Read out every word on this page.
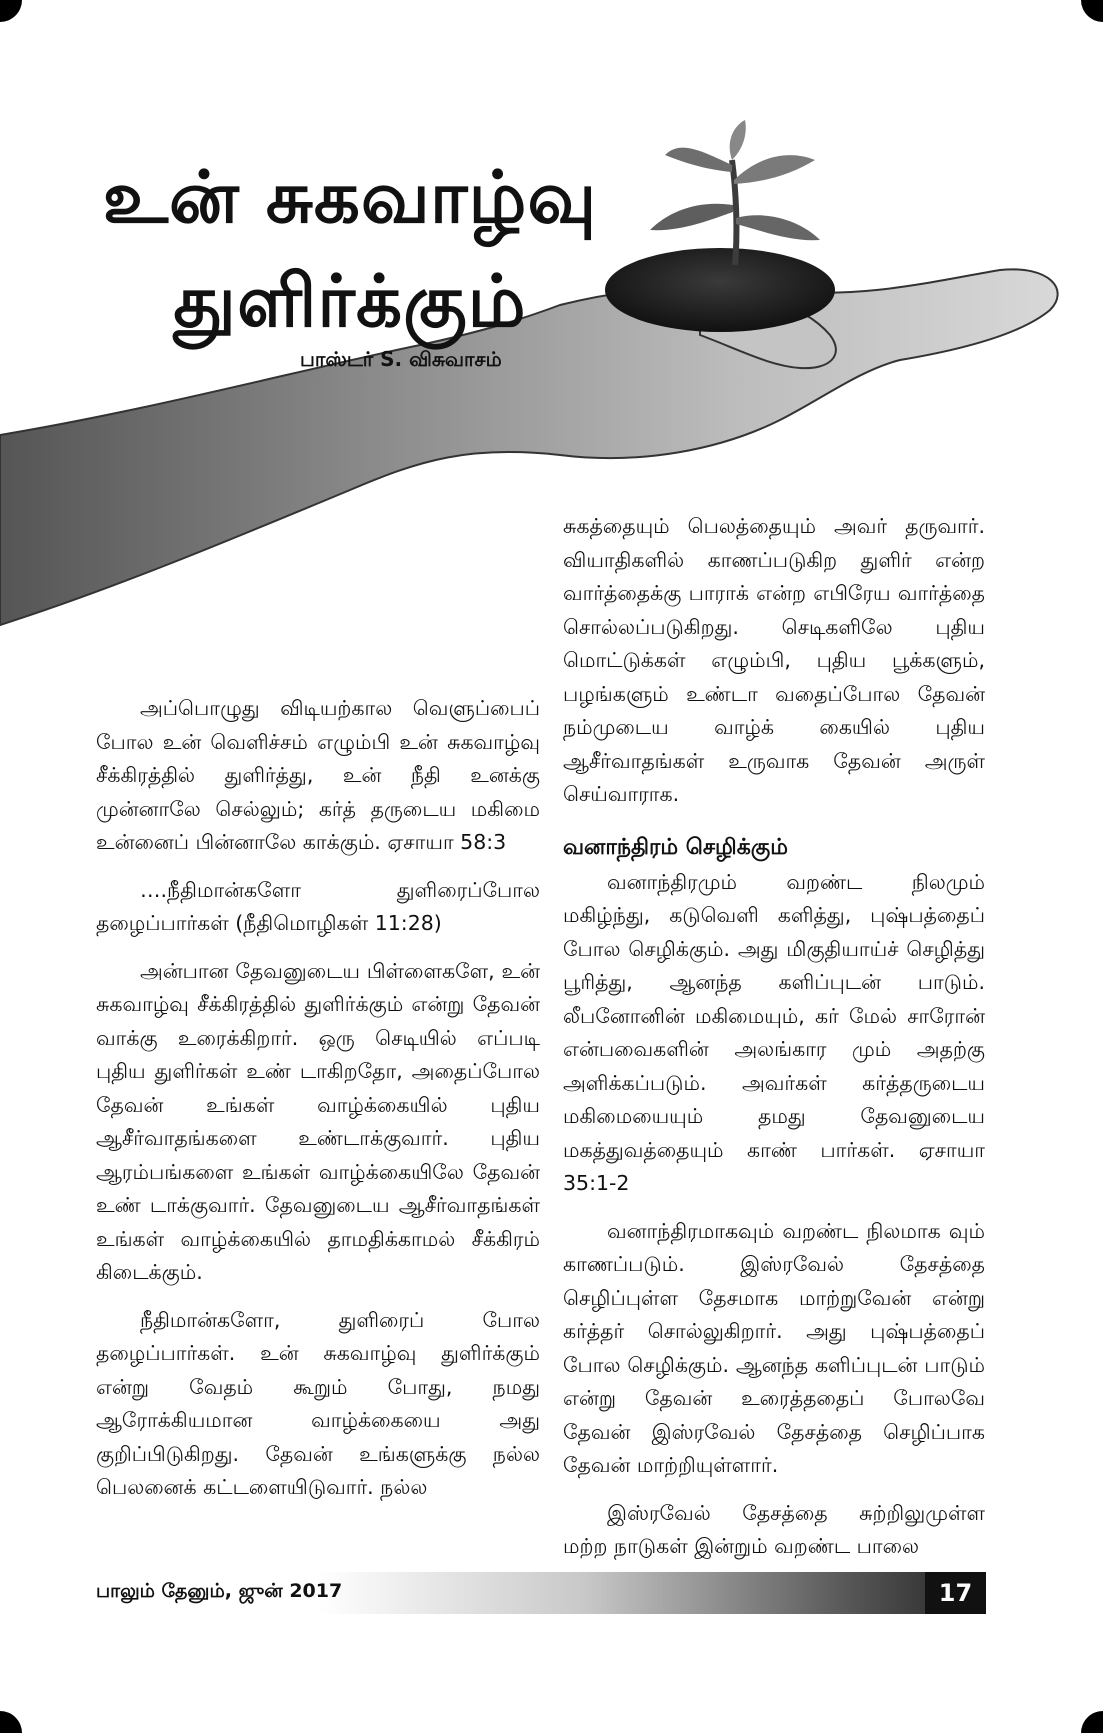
உன் சுகவாழ்வு
துளிர்க்கும்
பாஸ்டர் S. விசுவாசம்

அப்பொழுது விடியற்கால வெளுப்பைப் போல உன் வெளிச்சம் எழும்பி உன் சுகவாழ்வு சீக்கிரத்தில் துளிர்த்து, உன் நீதி உனக்கு முன்னாலே செல்லும்; கர்த் தருடைய மகிமை உன்னைப் பின்னாலே காக்கும். ஏசாயா 58:3

….நீதிமான்களோ துளிரைப்போல தழைப்பார்கள் (நீதிமொழிகள் 11:28)

அன்பான தேவனுடைய பிள்ளைகளே, உன் சுகவாழ்வு சீக்கிரத்தில் துளிர்க்கும் என்று தேவன் வாக்கு உரைக்கிறார். ஒரு செடியில் எப்படி புதிய துளிர்கள் உண் டாகிறதோ, அதைப்போல தேவன் உங்கள் வாழ்க்கையில் புதிய ஆசீர்வாதங்களை உண்டாக்குவார். புதிய ஆரம்பங்களை உங்கள் வாழ்க்கையிலே தேவன் உண் டாக்குவார். தேவனுடைய ஆசீர்வாதங்கள் உங்கள் வாழ்க்கையில் தாமதிக்காமல் சீக்கிரம் கிடைக்கும்.

நீதிமான்களோ, துளிரைப் போல தழைப்பார்கள். உன் சுகவாழ்வு துளிர்க்கும் என்று வேதம் கூறும் போது, நமது ஆரோக்கியமான வாழ்க்கையை அது குறிப்பிடுகிறது. தேவன் உங்களுக்கு நல்ல பெலனைக் கட்டளையிடுவார். நல்ல

சுகத்தையும் பெலத்தையும் அவர் தருவார். வியாதிகளில் காணப்படுகிற துளிர் என்ற வார்த்தைக்கு பாராக் என்ற எபிரேய வார்த்தை சொல்லப்படுகிறது. செடிகளிலே புதிய மொட்டுக்கள் எழும்பி, புதிய பூக்களும், பழங்களும் உண்டா வதைப்போல தேவன் நம்முடைய வாழ்க் கையில் புதிய ஆசீர்வாதங்கள் உருவாக தேவன் அருள் செய்வாராக.

வனாந்திரம் செழிக்கும்

வனாந்திரமும் வறண்ட நிலமும் மகிழ்ந்து, கடுவெளி களித்து, புஷ்பத்தைப் போல செழிக்கும். அது மிகுதியாய்ச் செழித்து பூரித்து, ஆனந்த களிப்புடன் பாடும். லீபனோனின் மகிமையும், கர் மேல் சாரோன் என்பவைகளின் அலங்கார மும் அதற்கு அளிக்கப்படும். அவர்கள் கர்த்தருடைய மகிமையையும் தமது தேவனுடைய மகத்துவத்தையும் காண் பார்கள். ஏசாயா 35:1-2

வனாந்திரமாகவும் வறண்ட நிலமாக வும் காணப்படும். இஸ்ரவேல் தேசத்தை செழிப்புள்ள தேசமாக மாற்றுவேன் என்று கர்த்தர் சொல்லுகிறார். அது புஷ்பத்தைப் போல செழிக்கும். ஆனந்த களிப்புடன் பாடும் என்று தேவன் உரைத்ததைப் போலவே தேவன் இஸ்ரவேல் தேசத்தை செழிப்பாக தேவன் மாற்றியுள்ளார்.

இஸ்ரவேல் தேசத்தை சுற்றிலுமுள்ள மற்ற நாடுகள் இன்றும் வறண்ட பாலை

பாலும் தேனும், ஜுன் 2017	17
